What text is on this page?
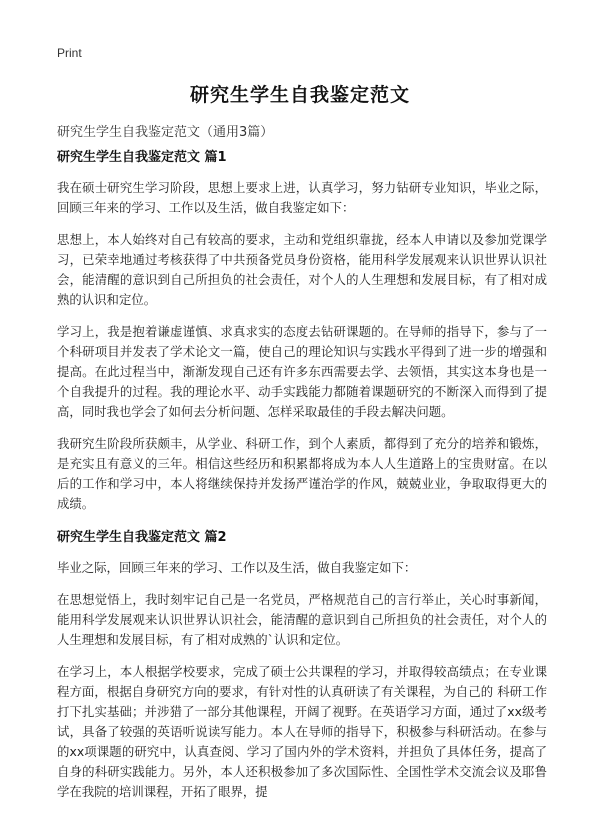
Print
研究生学生自我鉴定范文
研究生学生自我鉴定范文（通用3篇）
研究生学生自我鉴定范文 篇1

我在硕士研究生学习阶段，思想上要求上进，认真学习，努力钻研专业知识，毕业之际，回顾三年来的学习、工作以及生活，做自我鉴定如下：

思想上，本人始终对自己有较高的要求，主动和党组织靠拢，经本人申请以及参加党课学习，已荣幸地通过考核获得了中共预备党员身份资格，能用科学发展观来认识世界认识社会，能清醒的意识到自己所担负的社会责任，对个人的人生理想和发展目标，有了相对成熟的认识和定位。

学习上，我是抱着谦虚谨慎、求真求实的态度去钻研课题的。在导师的指导下，参与了一个科研项目并发表了学术论文一篇，使自己的理论知识与实践水平得到了进一步的增强和提高。在此过程当中，渐渐发现自己还有许多东西需要去学、去领悟，其实这本身也是一个自我提升的过程。我的理论水平、动手实践能力都随着课题研究的不断深入而得到了提高，同时我也学会了如何去分析问题、怎样采取最佳的手段去解决问题。

我研究生阶段所获颇丰，从学业、科研工作，到个人素质，都得到了充分的培养和锻炼，是充实且有意义的三年。相信这些经历和积累都将成为本人人生道路上的宝贵财富。在以后的工作和学习中，本人将继续保持并发扬严谨治学的作风，兢兢业业，争取取得更大的成绩。

研究生学生自我鉴定范文 篇2

毕业之际，回顾三年来的学习、工作以及生活，做自我鉴定如下：

在思想觉悟上，我时刻牢记自己是一名党员，严格规范自己的言行举止，关心时事新闻，能用科学发展观来认识世界认识社会，能清醒的意识到自己所担负的社会责任，对个人的人生理想和发展目标，有了相对成熟的`认识和定位。

在学习上，本人根据学校要求，完成了硕士公共课程的学习，并取得较高绩点；在专业课程方面，根据自身研究方向的要求，有针对性的认真研读了有关课程，为自己的 科研工作打下扎实基础；并涉猎了一部分其他课程，开阔了视野。在英语学习方面，通过了xx级考试，具备了较强的英语听说读写能力。本人在导师的指导下，积极参与科研活动。在参与的xx项课题的研究中，认真查阅、学习了国内外的学术资料，并担负了具体任务，提高了自身的科研实践能力。另外，本人还积极参加了多次国际性、全国性学术交流会议及耶鲁学在我院的培训课程，开拓了眼界，提
